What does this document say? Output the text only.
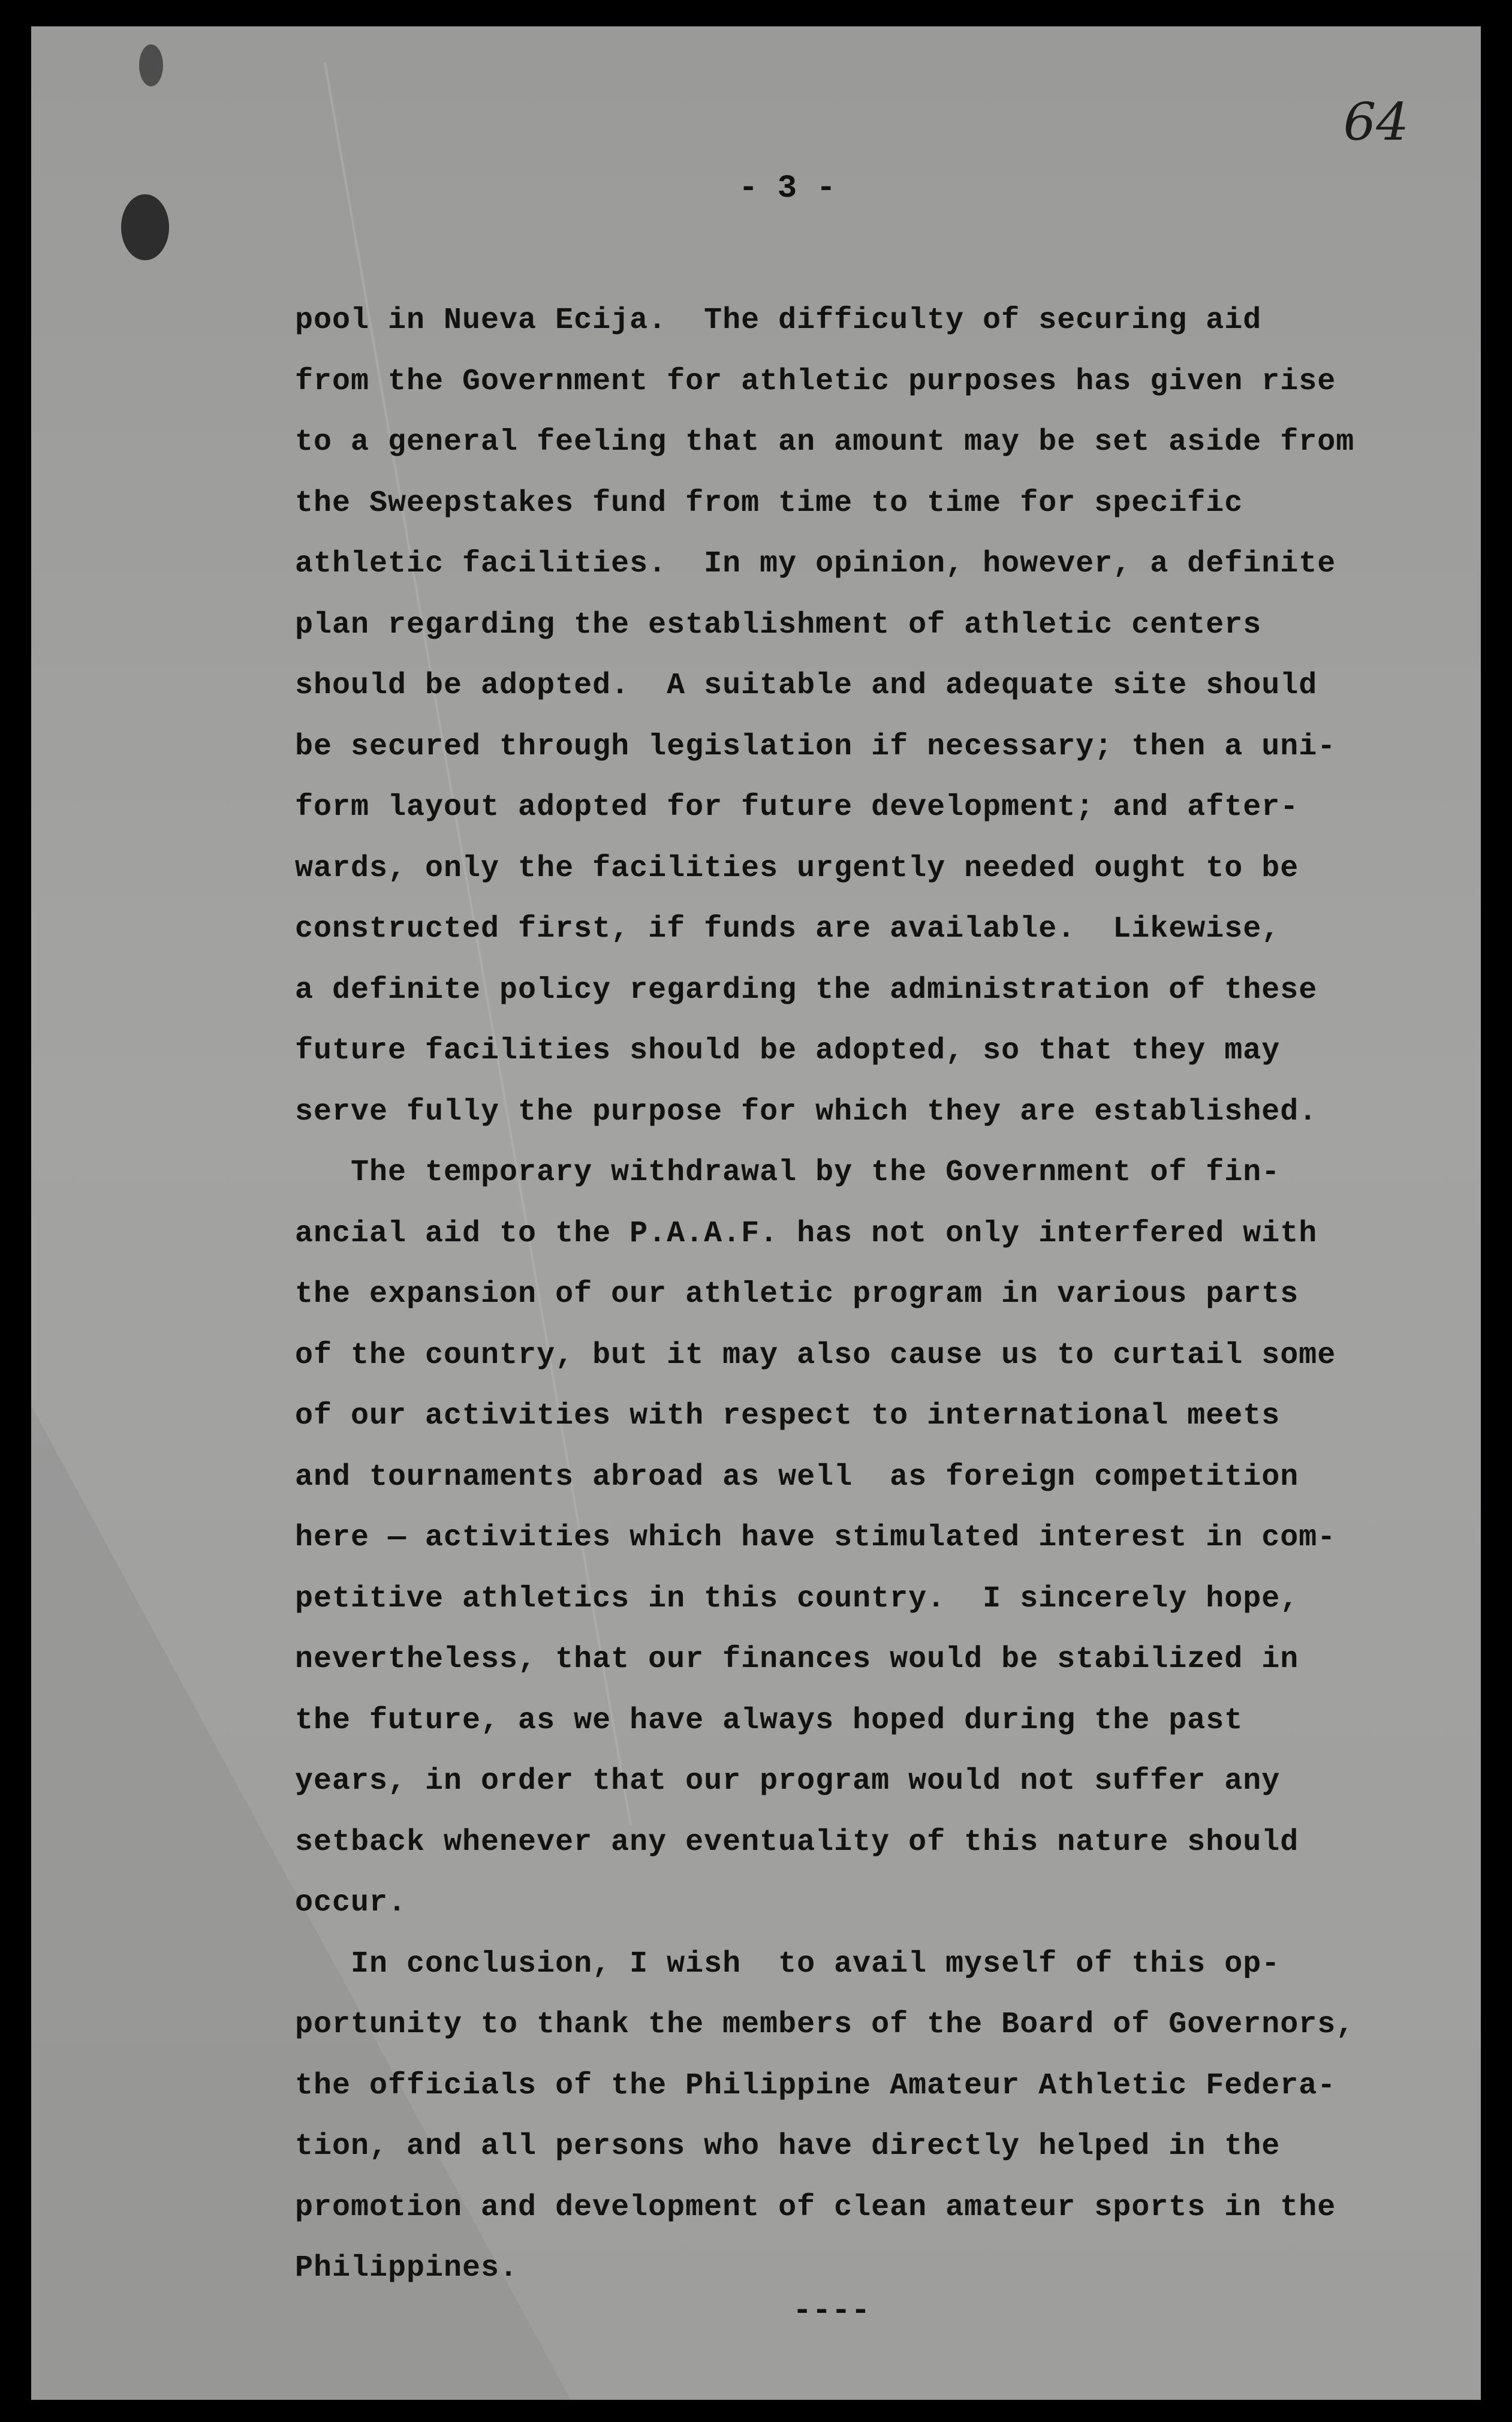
64
- 3 -
pool in Nueva Ecija.  The difficulty of securing aid
from the Government for athletic purposes has given rise
to a general feeling that an amount may be set aside from
the Sweepstakes fund from time to time for specific
athletic facilities.  In my opinion, however, a definite
plan regarding the establishment of athletic centers
should be adopted.  A suitable and adequate site should
be secured through legislation if necessary; then a uni-
form layout adopted for future development; and after-
wards, only the facilities urgently needed ought to be
constructed first, if funds are available.  Likewise,
a definite policy regarding the administration of these
future facilities should be adopted, so that they may
serve fully the purpose for which they are established.
The temporary withdrawal by the Government of fin-
ancial aid to the P.A.A.F. has not only interfered with
the expansion of our athletic program in various parts
of the country, but it may also cause us to curtail some
of our activities with respect to international meets
and tournaments abroad as well  as foreign competition
here — activities which have stimulated interest in com-
petitive athletics in this country.  I sincerely hope,
nevertheless, that our finances would be stabilized in
the future, as we have always hoped during the past
years, in order that our program would not suffer any
setback whenever any eventuality of this nature should
occur.
In conclusion, I wish  to avail myself of this op-
portunity to thank the members of the Board of Governors,
the officials of the Philippine Amateur Athletic Federa-
tion, and all persons who have directly helped in the
promotion and development of clean amateur sports in the
Philippines.
----
